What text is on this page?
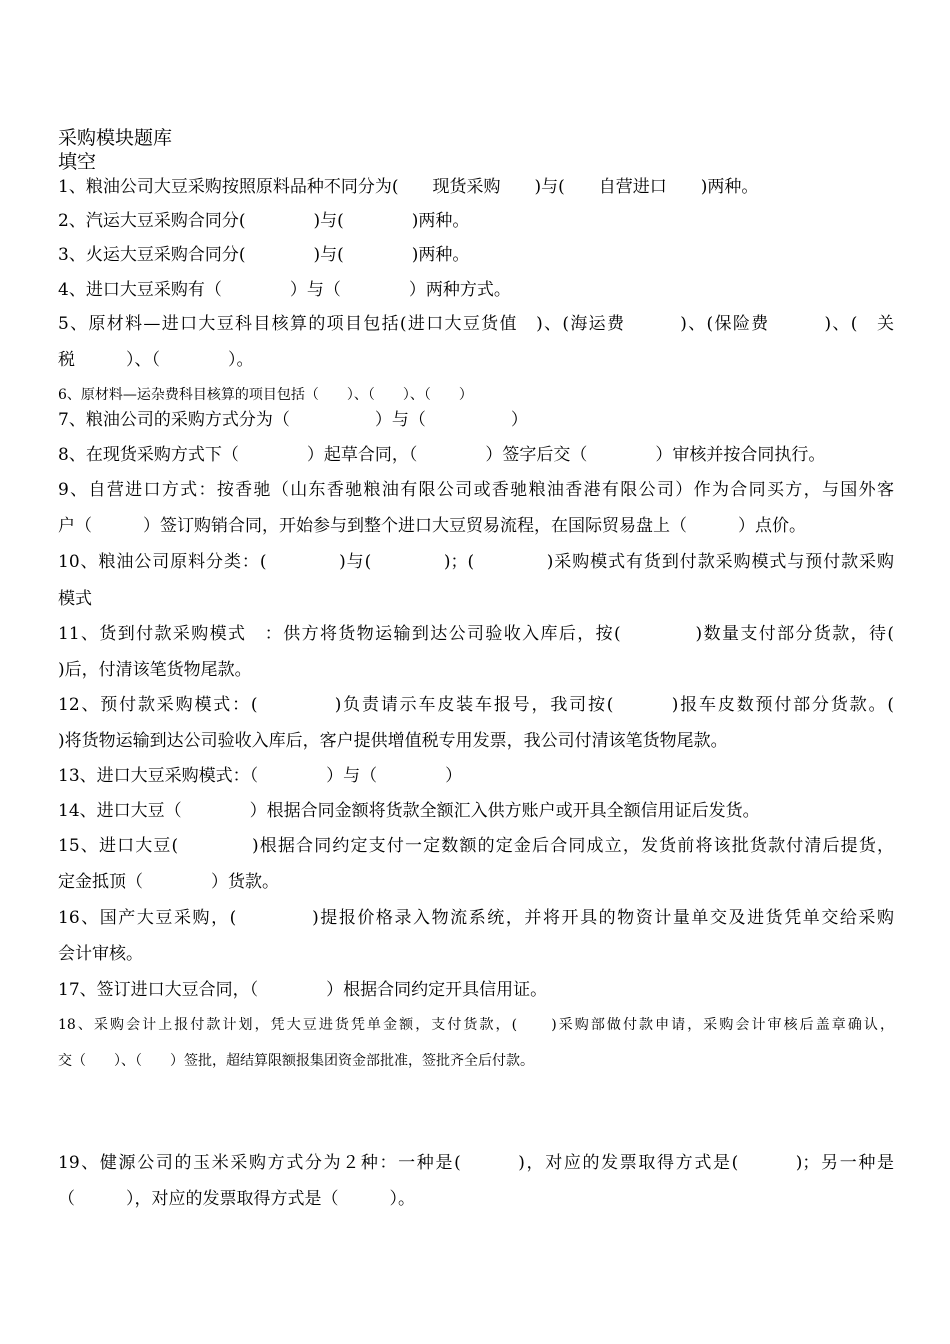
采购模块题库
填空
1、粮油公司大豆采购按照原料品种不同分为(　　现货采购　　)与(　　自营进口　　)两种。
2、汽运大豆采购合同分(　　　　)与(　　　　)两种。
3、火运大豆采购合同分(　　　　)与(　　　　)两种。
4、进口大豆采购有（　　　　）与（　　　　）两种方式。
5、原材料—进口大豆科目核算的项目包括(进口大豆货值　)、(海运费　　　)、(保险费　　　)、(　关
税　　　）、（　　　　）。
6、原材料—运杂费科目核算的项目包括（　　）、（　　）、（　　）
7、粮油公司的采购方式分为（　　　　　）与（　　　　　）
8、在现货采购方式下（　　　　）起草合同，（　　　　）签字后交（　　　　）审核并按合同执行。
9、自营进口方式：按香驰（山东香驰粮油有限公司或香驰粮油香港有限公司）作为合同买方，与国外客
户（　　　）签订购销合同，开始参与到整个进口大豆贸易流程，在国际贸易盘上（　　　）点价。
10、粮油公司原料分类：(　　　　)与(　　　　)；(　　　　)采购模式有货到付款采购模式与预付款采购
模式
11、货到付款采购模式　：供方将货物运输到达公司验收入库后，按(　　　　)数量支付部分货款，待(
)后，付清该笔货物尾款。
12、预付款采购模式：(　　　　)负责请示车皮装车报号，我司按(　　　)报车皮数预付部分货款。(
)将货物运输到达公司验收入库后，客户提供增值税专用发票，我公司付清该笔货物尾款。
13、进口大豆采购模式：（　　　　）与（　　　　）
14、进口大豆（　　　　）根据合同金额将货款全额汇入供方账户或开具全额信用证后发货。
15、进口大豆(　　　　)根据合同约定支付一定数额的定金后合同成立，发货前将该批货款付清后提货，
定金抵顶（　　　　）货款。
16、国产大豆采购，(　　　　)提报价格录入物流系统，并将开具的物资计量单交及进货凭单交给采购
会计审核。
17、签订进口大豆合同，（　　　　）根据合同约定开具信用证。
18、采购会计上报付款计划，凭大豆进货凭单金额，支付货款，(　　)采购部做付款申请，采购会计审核后盖章确认，
交（　　）、（　　）签批，超结算限额报集团资金部批准，签批齐全后付款。
19、健源公司的玉米采购方式分为２种：一种是(　　　)，对应的发票取得方式是(　　　)；另一种是
（　　　），对应的发票取得方式是（　　　）。
